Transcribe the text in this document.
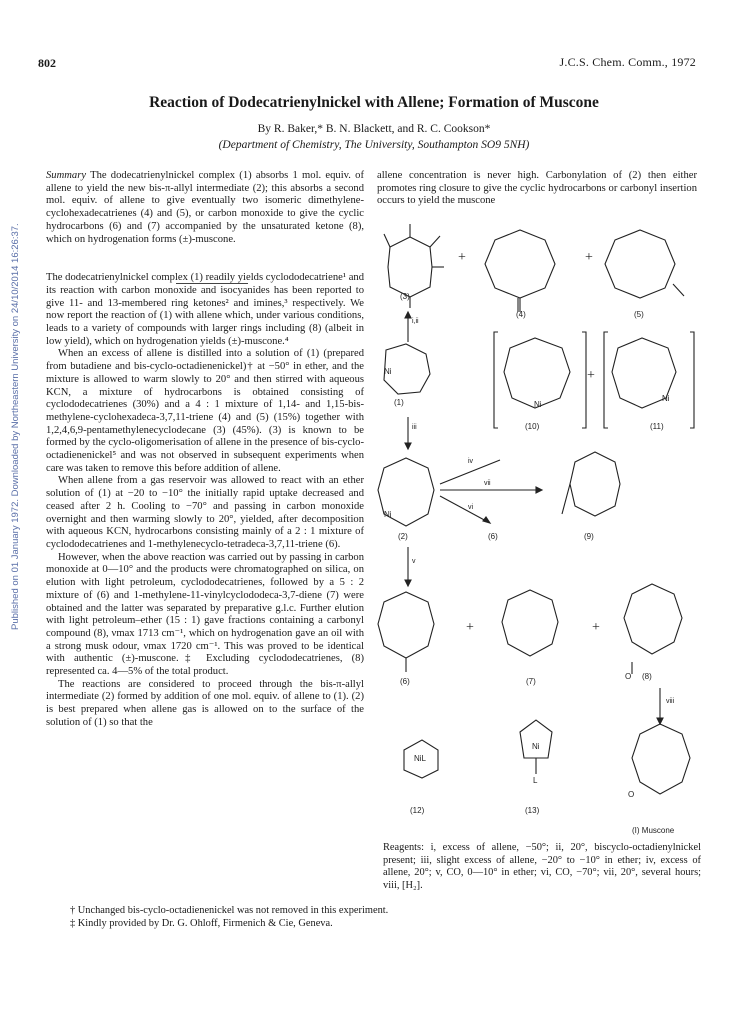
802	J.C.S. Chem. Comm., 1972
Published on 01 January 1972. Downloaded by Northeastern University on 24/10/2014 16:26:37.
Reaction of Dodecatrienylnickel with Allene; Formation of Muscone
By R. Baker,* B. N. Blackett, and R. C. Cookson*
(Department of Chemistry, The University, Southampton SO9 5NH)

Summary The dodecatrienylnickel complex (1) absorbs 1 mol. equiv. of allene to yield the new bis-π-allyl intermediate (2); this absorbs a second mol. equiv. of allene to give eventually two isomeric dimethylene-cyclohexadecatrienes (4) and (5), or carbon monoxide to give the cyclic hydrocarbons (6) and (7) accompanied by the unsaturated ketone (8), which on hydrogenation forms (±)-muscone.

The dodecatrienylnickel complex (1) readily yields cyclododecatriene¹ and its reaction with carbon monoxide and isocyanides has been reported to give 11- and 13-membered ring ketones² and imines,³ respectively. We now report the reaction of (1) with allene which, under various conditions, leads to a variety of compounds with larger rings including (8) (albeit in low yield), which on hydrogenation yields (±)-muscone.⁴

When an excess of allene is distilled into a solution of (1) (prepared from butadiene and bis-cyclo-octadienenickel)† at −50° in ether, and the mixture is allowed to warm slowly to 20° and then stirred with aqueous KCN, a mixture of hydrocarbons is obtained consisting of cyclododecatrienes (30%) and a 4 : 1 mixture of 1,14- and 1,15-bis-methylene-cyclohexadeca-3,7,11-triene (4) and (5) (15%) together with 1,2,4,6,9-pentamethylenecyclodecane (3) (45%). (3) is known to be formed by the cyclo-oligomerisation of allene in the presence of bis-cyclo-octadienenickel⁵ and was not observed in subsequent experiments when care was taken to remove this before addition of allene.

When allene from a gas reservoir was allowed to react with an ether solution of (1) at −20 to −10° the initially rapid uptake decreased and ceased after 2 h. Cooling to −70° and passing in carbon monoxide overnight and then warming slowly to 20°, yielded, after decomposition with aqueous KCN, hydrocarbons consisting mainly of a 2 : 1 mixture of cyclododecatrienes and 1-methylenecyclo-tetradeca-3,7,11-triene (6).

However, when the above reaction was carried out by passing in carbon monoxide at 0—10° and the products were chromatographed on silica, on elution with light petroleum, cyclododecatrienes, followed by a 5 : 2 mixture of (6) and 1-methylene-11-vinylcyclododeca-3,7-diene (7) were obtained and the latter was separated by preparative g.l.c. Further elution with light petroleum–ether (15 : 1) gave fractions containing a carbonyl compound (8), νmax 1713 cm⁻¹, which on hydrogenation gave an oil with a strong musk odour, νmax 1720 cm⁻¹. This was proved to be identical with authentic (±)-muscone.‡ Excluding cyclododecatrienes, (8) represented ca. 4—5% of the total product.

The reactions are considered to proceed through the bis-π-allyl intermediate (2) formed by addition of one mol. equiv. of allene to (1). (2) is best prepared when allene gas is allowed on to the surface of the solution of (1) so that the

allene concentration is never high. Carbonylation of (2) then either promotes ring closure to give the cyclic hydrocarbons or carbonyl insertion occurs to yield the muscone

+	+
+
+	+
(3)
(4)	(5)
Ni
(1)	Ni
(10)
Ni
(11)
Ni
(2)	(6)	(9)
(6)	(7)
O (8)
NiL
(12)
Ni
L
(13)
O
(I) Muscone
i,ii
iii
iv
vii
vi
v
viii
Reagents: i, excess of allene, −50°; ii, 20°, biscyclo-octadienylnickel present; iii, slight excess of allene, −20° to −10° in ether; iv, excess of allene, 20°; v, CO, 0—10° in ether; vi, CO, −70°; vii, 20°, several hours; viii, [H₂].
† Unchanged bis-cyclo-octadienenickel was not removed in this experiment.
‡ Kindly provided by Dr. G. Ohloff, Firmenich & Cie, Geneva.
